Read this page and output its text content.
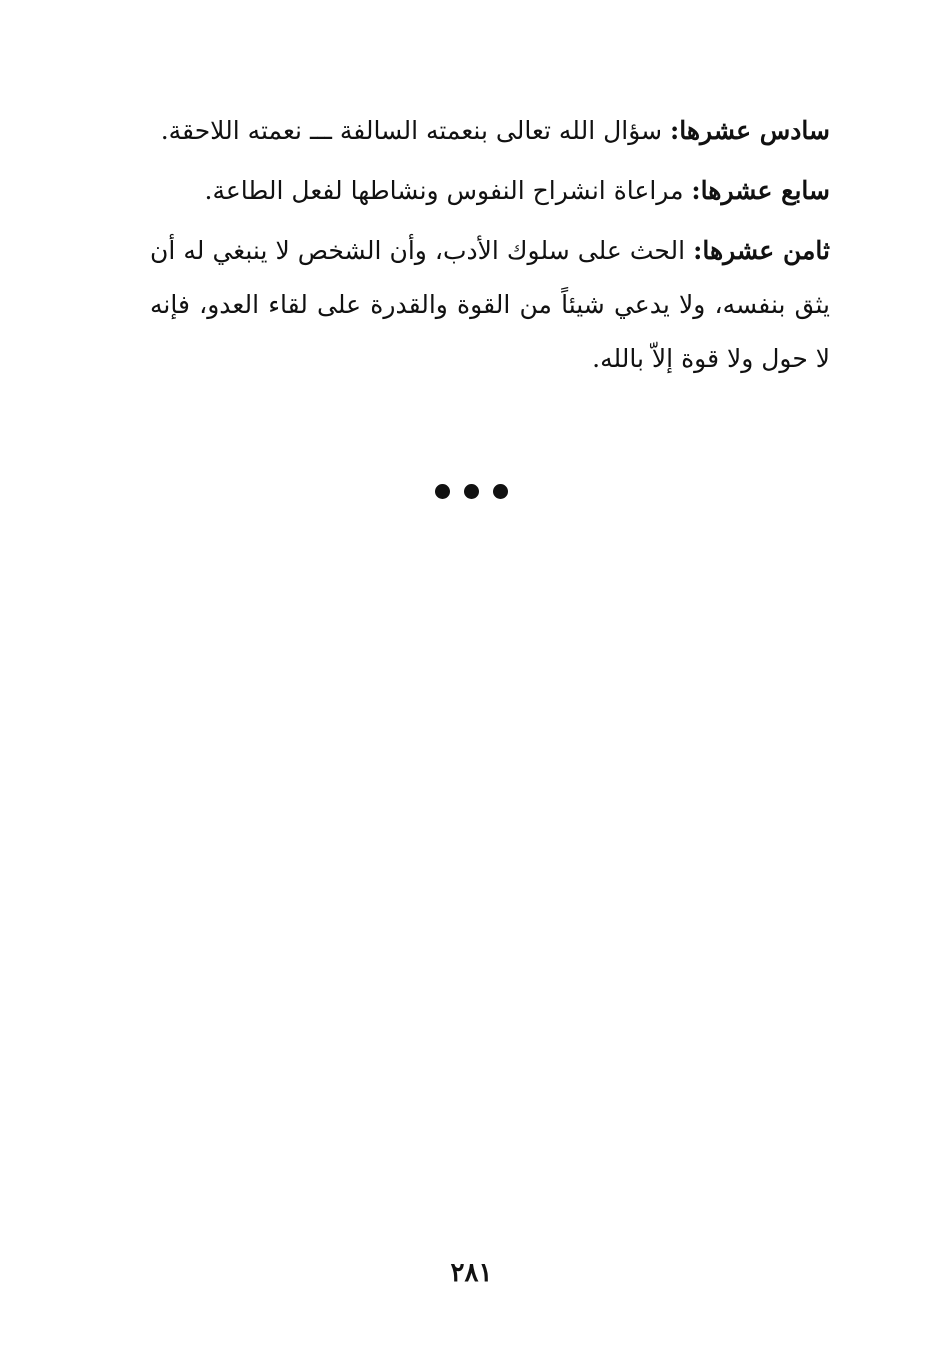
سادس عشرها: سؤال الله تعالى بنعمته السالفة ـــ نعمته اللاحقة.

سابع عشرها: مراعاة انشراح النفوس ونشاطها لفعل الطاعة.

ثامن عشرها: الحث على سلوك الأدب، وأن الشخص لا ينبغي له أن يثق بنفسه، ولا يدعي شيئاً من القوة والقدرة على لقاء العدو، فإنه لا حول ولا قوة إلاّ بالله.

٢٨١
